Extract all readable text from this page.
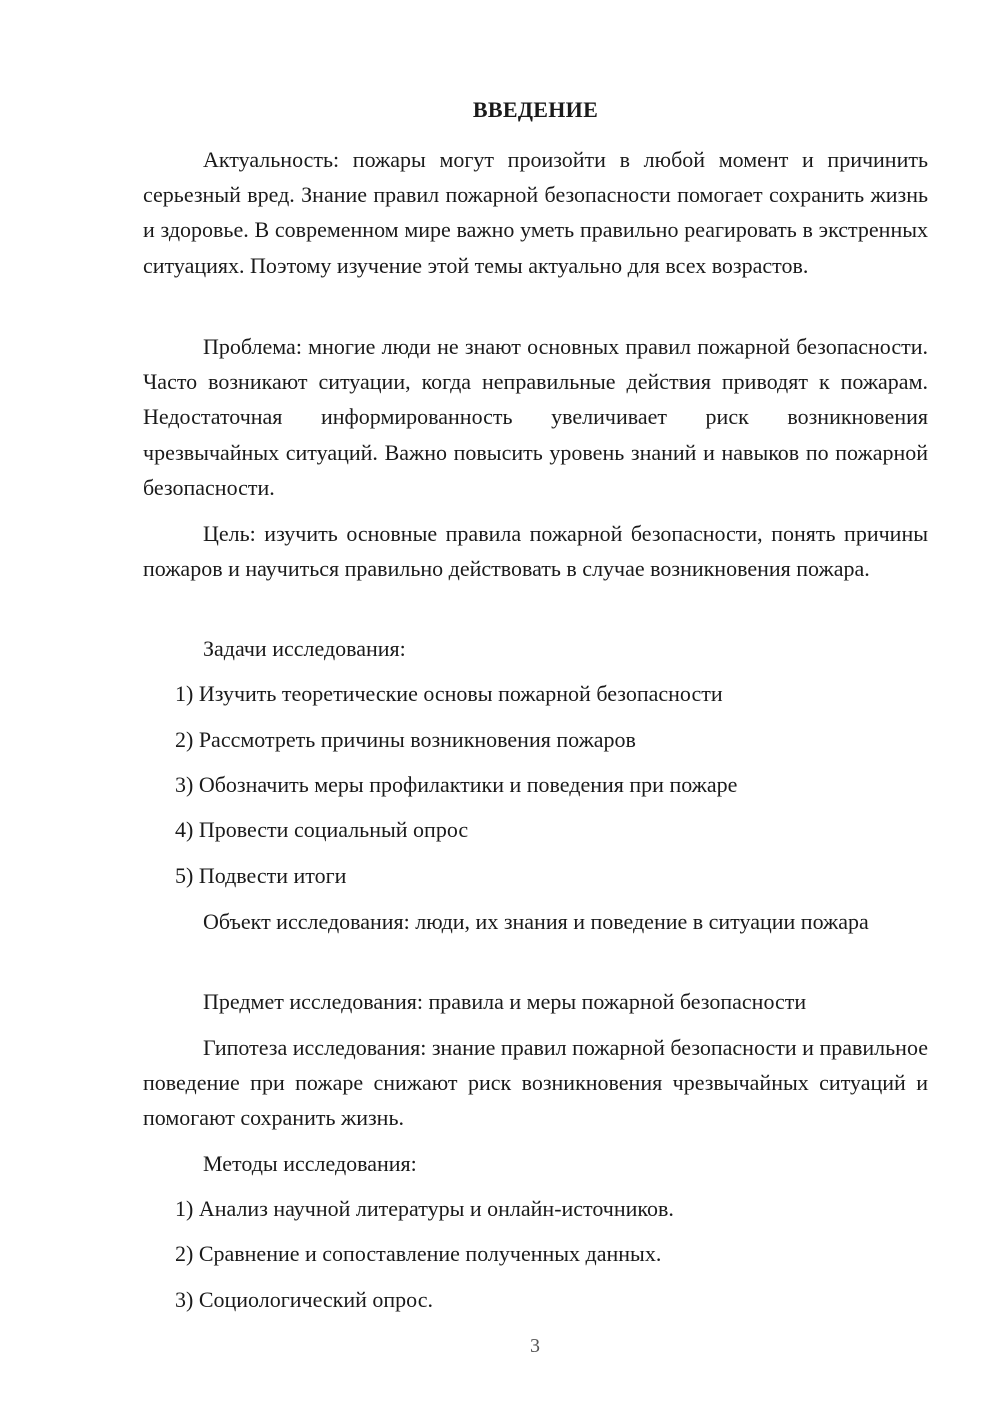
ВВЕДЕНИЕ

Актуальность: пожары могут произойти в любой момент и причинить серьезный вред. Знание правил пожарной безопасности помогает сохранить жизнь и здоровье. В современном мире важно уметь правильно реагировать в экстренных ситуациях. Поэтому изучение этой темы актуально для всех возрастов.

Проблема: многие люди не знают основных правил пожарной безопасности. Часто возникают ситуации, когда неправильные действия приводят к пожарам. Недостаточная информированность увеличивает риск возникновения чрезвычайных ситуаций. Важно повысить уровень знаний и навыков по пожарной безопасности.

Цель: изучить основные правила пожарной безопасности, понять причины пожаров и научиться правильно действовать в случае возникновения пожара.

Задачи исследования:

1) Изучить теоретические основы пожарной безопасности

2) Рассмотреть причины возникновения пожаров

3) Обозначить меры профилактики и поведения при пожаре

4) Провести социальный опрос

5) Подвести итоги

Объект исследования: люди, их знания и поведение в ситуации пожара

Предмет исследования: правила и меры пожарной безопасности

Гипотеза исследования: знание правил пожарной безопасности и правильное поведение при пожаре снижают риск возникновения чрезвычайных ситуаций и помогают сохранить жизнь.

Методы исследования:

1) Анализ научной литературы и онлайн-источников.

2) Сравнение и сопоставление полученных данных.

3) Социологический опрос.

3
